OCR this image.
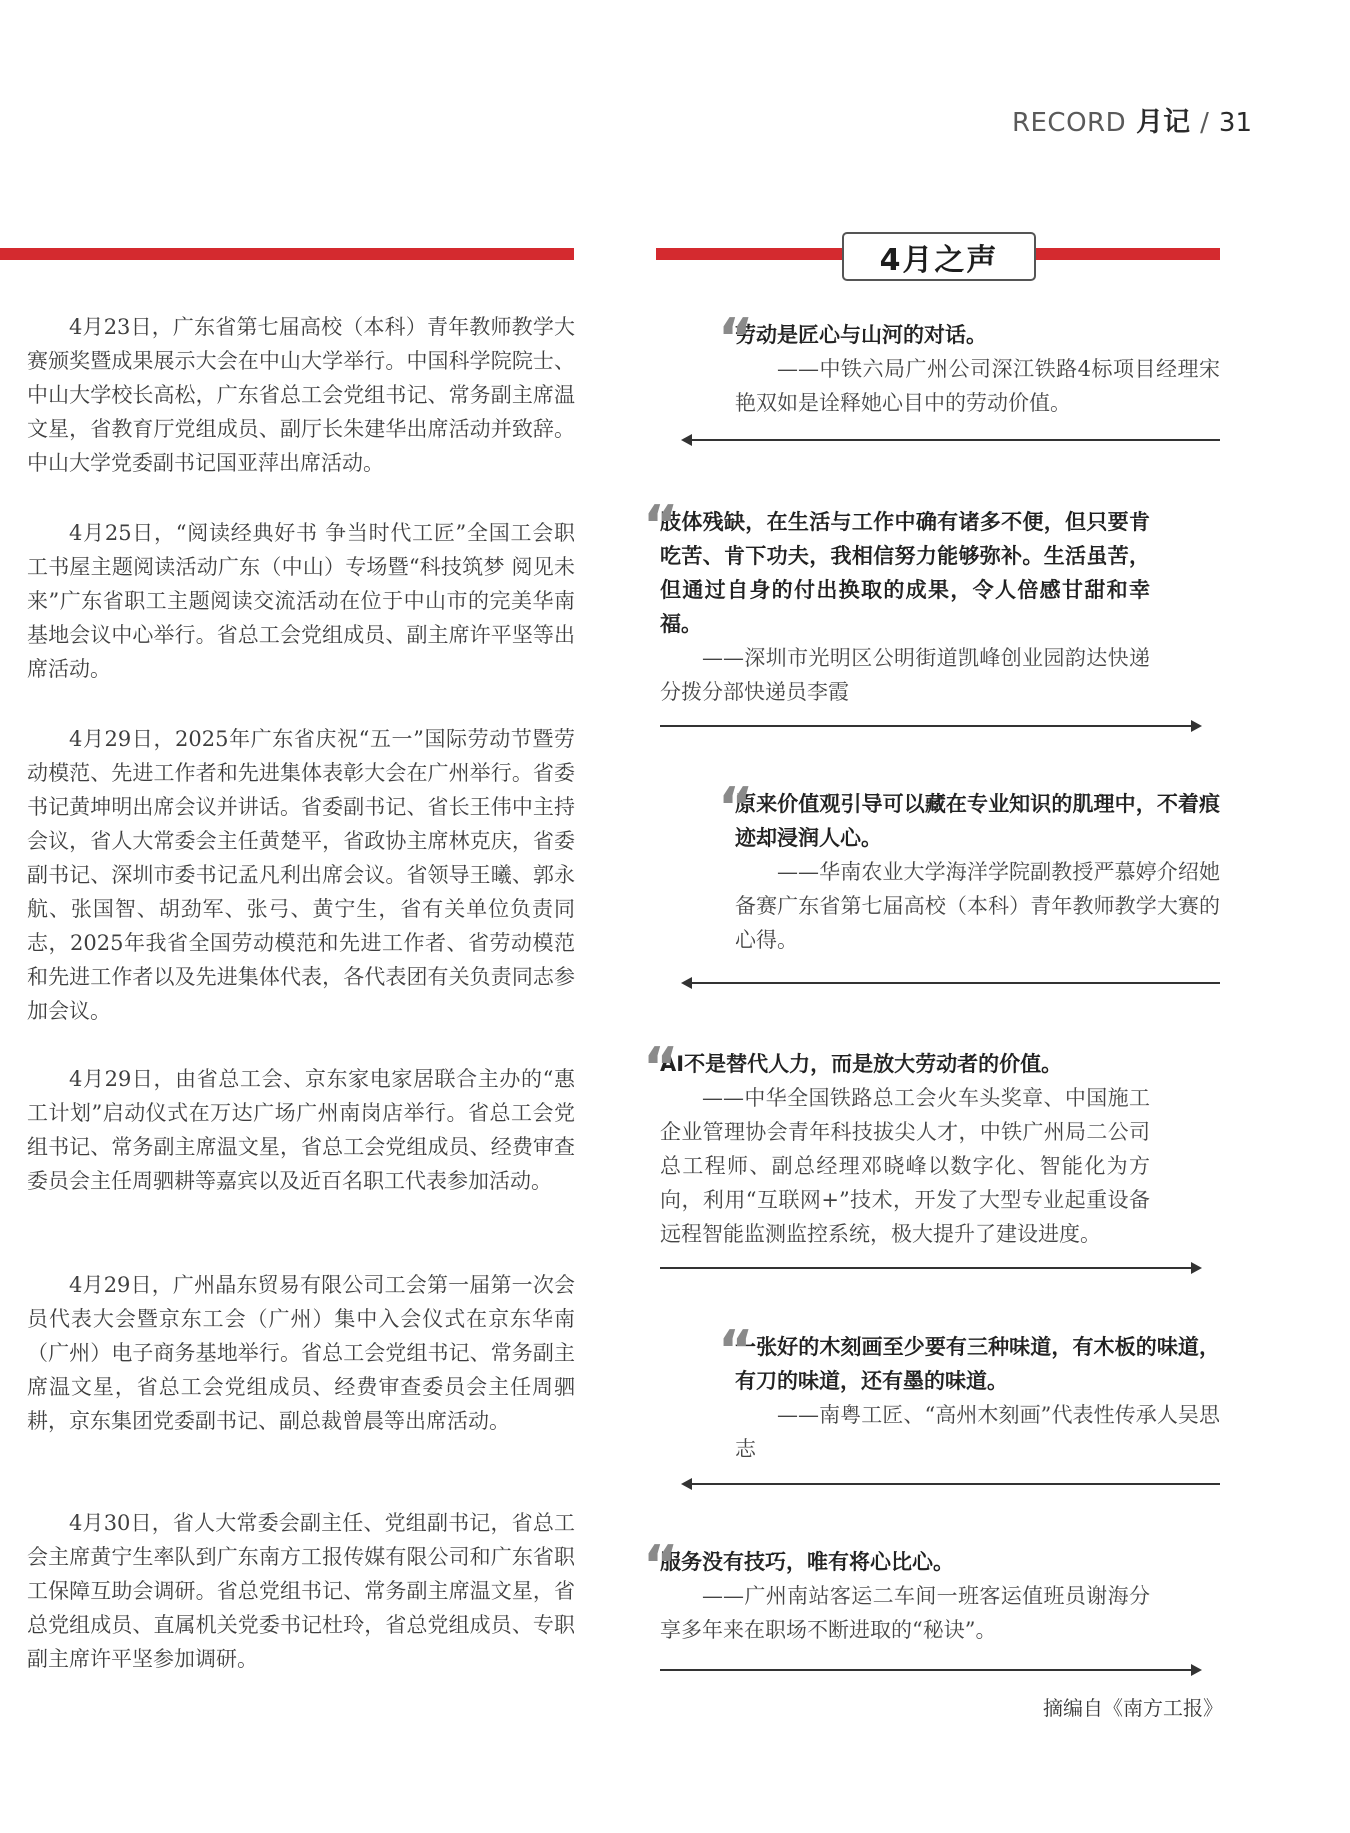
RECORD 月记 / 31
4月之声

4月23日，广东省第七届高校（本科）青年教师教学大赛颁奖暨成果展示大会在中山大学举行。中国科学院院士、中山大学校长高松，广东省总工会党组书记、常务副主席温文星，省教育厅党组成员、副厅长朱建华出席活动并致辞。中山大学党委副书记国亚萍出席活动。

4月25日，“阅读经典好书 争当时代工匠”全国工会职工书屋主题阅读活动广东（中山）专场暨“科技筑梦 阅见未来”广东省职工主题阅读交流活动在位于中山市的完美华南基地会议中心举行。省总工会党组成员、副主席许平坚等出席活动。

4月29日，2025年广东省庆祝“五一”国际劳动节暨劳动模范、先进工作者和先进集体表彰大会在广州举行。省委书记黄坤明出席会议并讲话。省委副书记、省长王伟中主持会议，省人大常委会主任黄楚平，省政协主席林克庆，省委副书记、深圳市委书记孟凡利出席会议。省领导王曦、郭永航、张国智、胡劲军、张弓、黄宁生，省有关单位负责同志，2025年我省全国劳动模范和先进工作者、省劳动模范和先进工作者以及先进集体代表，各代表团有关负责同志参加会议。

4月29日，由省总工会、京东家电家居联合主办的“惠工计划”启动仪式在万达广场广州南岗店举行。省总工会党组书记、常务副主席温文星，省总工会党组成员、经费审查委员会主任周驷耕等嘉宾以及近百名职工代表参加活动。

4月29日，广州晶东贸易有限公司工会第一届第一次会员代表大会暨京东工会（广州）集中入会仪式在京东华南（广州）电子商务基地举行。省总工会党组书记、常务副主席温文星，省总工会党组成员、经费审查委员会主任周驷耕，京东集团党委副书记、副总裁曾晨等出席活动。

4月30日，省人大常委会副主任、党组副书记，省总工会主席黄宁生率队到广东南方工报传媒有限公司和广东省职工保障互助会调研。省总党组书记、常务副主席温文星，省总党组成员、直属机关党委书记杜玲，省总党组成员、专职副主席许平坚参加调研。

劳动是匠心与山河的对话。

——中铁六局广州公司深江铁路4标项目经理宋艳双如是诠释她心目中的劳动价值。

肢体残缺，在生活与工作中确有诸多不便，但只要肯吃苦、肯下功夫，我相信努力能够弥补。生活虽苦，但通过自身的付出换取的成果，令人倍感甘甜和幸福。

——深圳市光明区公明街道凯峰创业园韵达快递分拨分部快递员李霞

原来价值观引导可以藏在专业知识的肌理中，不着痕迹却浸润人心。

——华南农业大学海洋学院副教授严慕婷介绍她备赛广东省第七届高校（本科）青年教师教学大赛的心得。

AI不是替代人力，而是放大劳动者的价值。

——中华全国铁路总工会火车头奖章、中国施工企业管理协会青年科技拔尖人才，中铁广州局二公司总工程师、副总经理邓晓峰以数字化、智能化为方向，利用“互联网+”技术，开发了大型专业起重设备远程智能监测监控系统，极大提升了建设进度。

一张好的木刻画至少要有三种味道，有木板的味道，有刀的味道，还有墨的味道。

——南粤工匠、“高州木刻画”代表性传承人吴思志

服务没有技巧，唯有将心比心。

——广州南站客运二车间一班客运值班员谢海分享多年来在职场不断进取的“秘诀”。

“
“
“
“
“
“
摘编自《南方工报》
